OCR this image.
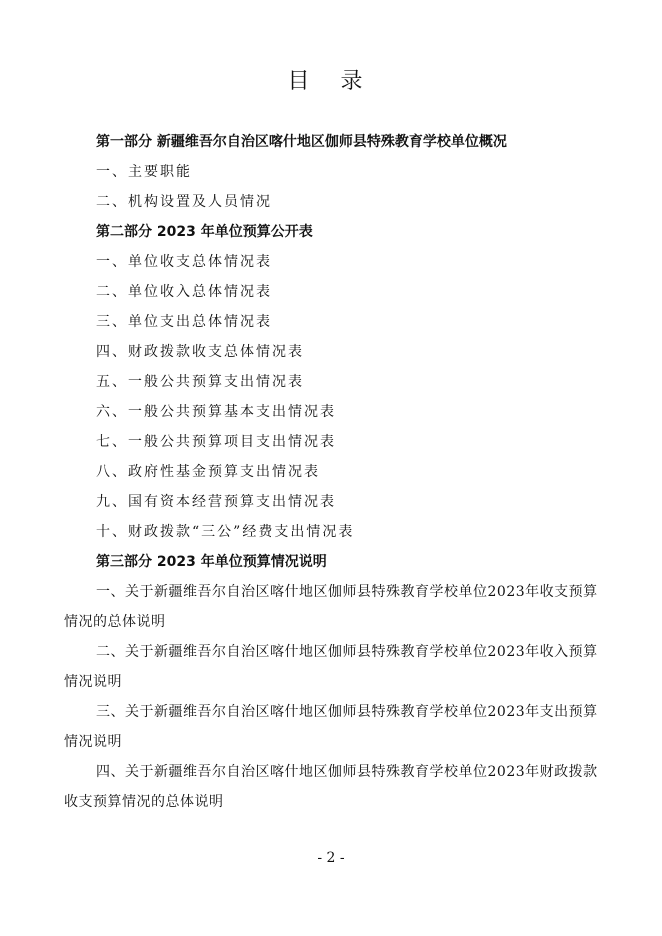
目 录
第一部分 新疆维吾尔自治区喀什地区伽师县特殊教育学校单位概况
一、主要职能
二、机构设置及人员情况
第二部分 2023 年单位预算公开表
一、单位收支总体情况表
二、单位收入总体情况表
三、单位支出总体情况表
四、财政拨款收支总体情况表
五、一般公共预算支出情况表
六、一般公共预算基本支出情况表
七、一般公共预算项目支出情况表
八、政府性基金预算支出情况表
九、国有资本经营预算支出情况表
十、财政拨款“三公”经费支出情况表
第三部分 2023 年单位预算情况说明
一、关于新疆维吾尔自治区喀什地区伽师县特殊教育学校单位2023年收支预算情况的总体说明
二、关于新疆维吾尔自治区喀什地区伽师县特殊教育学校单位2023年收入预算情况说明
三、关于新疆维吾尔自治区喀什地区伽师县特殊教育学校单位2023年支出预算情况说明
四、关于新疆维吾尔自治区喀什地区伽师县特殊教育学校单位2023年财政拨款收支预算情况的总体说明
- 2 -
